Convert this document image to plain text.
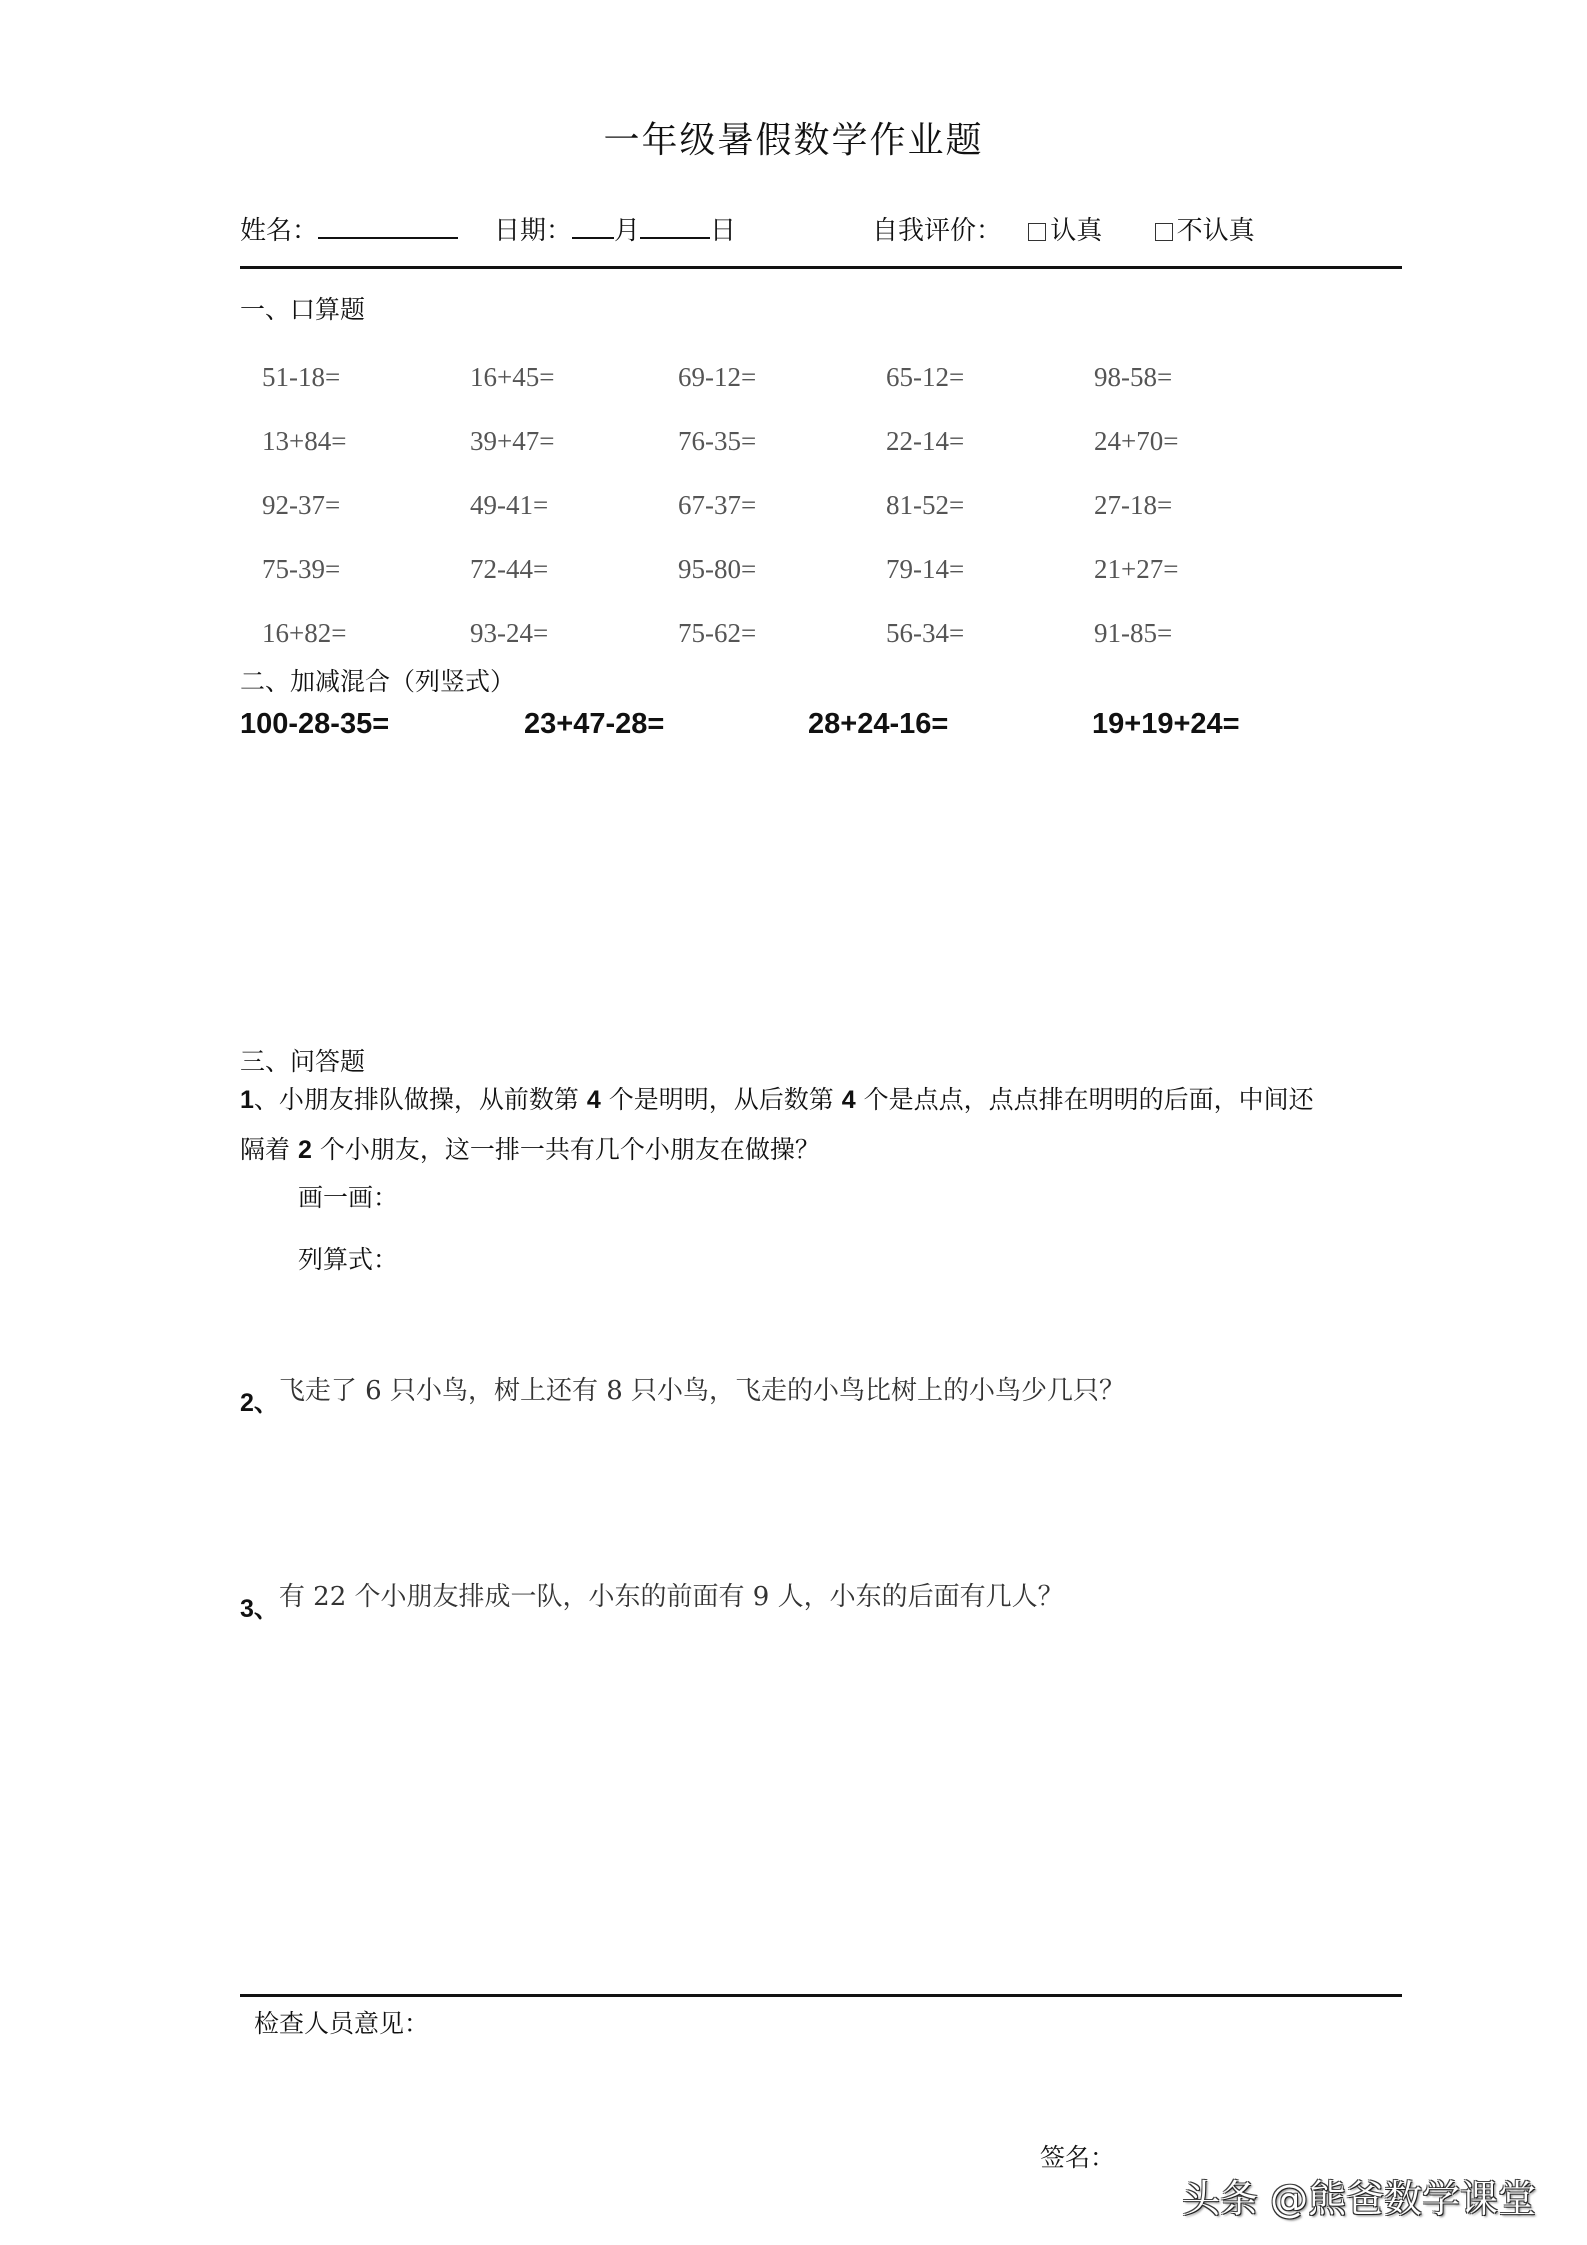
一年级暑假数学作业题
姓名：	日期： 月	日	自我评价： 认真	不认真
一、口算题
51-18=	16+45=	69-12=	65-12=	98-58=
13+84=	39+47=	76-35=	22-14=	24+70=
92-37=	49-41=	67-37=	81-52=	27-18=
75-39=	72-44=	95-80=	79-14=	21+27=
16+82=	93-24=	75-62=	56-34=	91-85=
二、加减混合（列竖式）
100-28-35=	23+47-28=	28+24-16=	19+19+24=
三、问答题
1、小朋友排队做操，从前数第 4 个是明明，从后数第 4 个是点点，点点排在明明的后面，中间还
隔着 2 个小朋友，这一排一共有几个小朋友在做操？
画一画：
列算式：
2、飞走了 6 只小鸟，树上还有 8 只小鸟，飞走的小鸟比树上的小鸟少几只？
3、有 22 个小朋友排成一队，小东的前面有 9 人，小东的后面有几人？
检查人员意见：
签名：
头条 @熊爸数学课堂
